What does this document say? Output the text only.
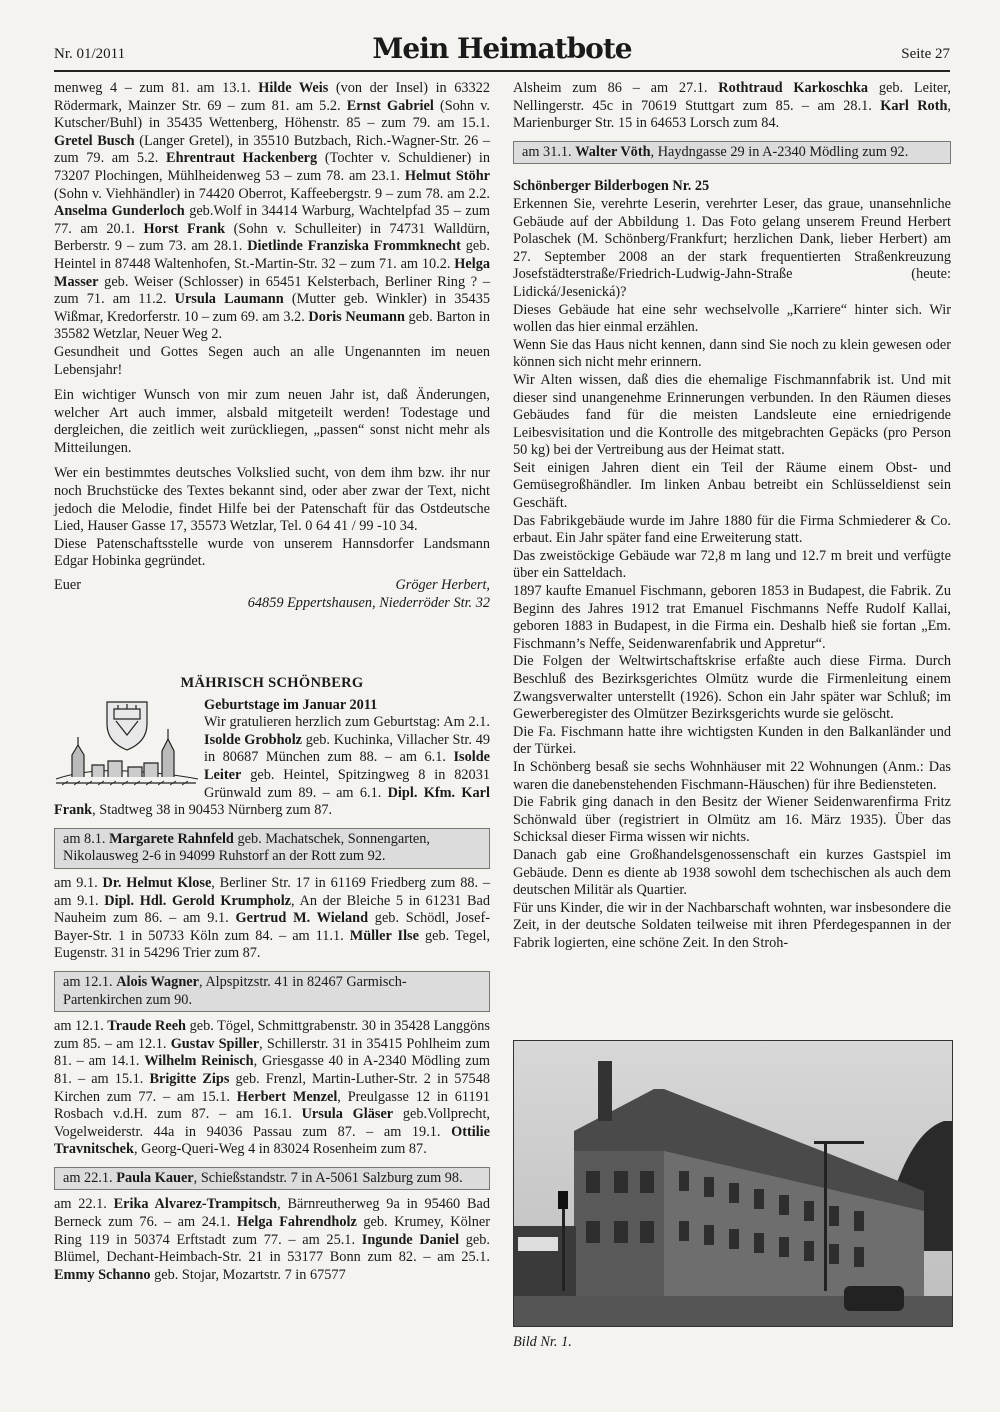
Nr. 01/2011	Mein Heimatbote	Seite 27

menweg 4 – zum 81. am 13.1. Hilde Weis (von der Insel) in 63322 Rödermark, Mainzer Str. 69 – zum 81. am 5.2. Ernst Gabriel (Sohn v. Kutscher/Buhl) in 35435 Wettenberg, Höhenstr. 85 – zum 79. am 15.1. Gretel Busch (Langer Gretel), in 35510 Butzbach, Rich.-Wagner-Str. 26 – zum 79. am 5.2. Ehrentraut Hackenberg (Tochter v. Schuldiener) in 73207 Plochingen, Mühlheidenweg 53 – zum 78. am 23.1. Helmut Stöhr (Sohn v. Viehhändler) in 74420 Oberrot, Kaffeebergstr. 9 – zum 78. am 2.2. Anselma Gunderloch geb.Wolf in 34414 Warburg, Wachtelpfad 35 – zum 77. am 20.1. Horst Frank (Sohn v. Schulleiter) in 74731 Walldürn, Berberstr. 9 – zum 73. am 28.1. Dietlinde Franziska Frommknecht geb. Heintel in 87448 Waltenhofen, St.-Martin-Str. 32 – zum 71. am 10.2. Helga Masser geb. Weiser (Schlosser) in 65451 Kelsterbach, Berliner Ring ? – zum 71. am 11.2. Ursula Laumann (Mutter geb. Winkler) in 35435 Wißmar, Kredorferstr. 10 – zum 69. am 3.2. Doris Neumann geb. Barton in 35582 Wetzlar, Neuer Weg 2.

Gesundheit und Gottes Segen auch an alle Ungenannten im neuen Lebensjahr!

Ein wichtiger Wunsch von mir zum neuen Jahr ist, daß Änderungen, welcher Art auch immer, alsbald mitgeteilt werden! Todestage und dergleichen, die zeitlich weit zurückliegen, „passen“ sonst nicht mehr als Mitteilungen.

Wer ein bestimmtes deutsches Volkslied sucht, von dem ihm bzw. ihr nur noch Bruchstücke des Textes bekannt sind, oder aber zwar der Text, nicht jedoch die Melodie, findet Hilfe bei der Patenschaft für das Ostdeutsche Lied, Hauser Gasse 17, 35573 Wetzlar, Tel. 0 64 41 / 99 -10 34.

Diese Patenschaftsstelle wurde von unserem Hannsdorfer Landsmann Edgar Hobinka gegründet.

Euer	Gröger Herbert,
64859 Eppertshausen, Niederröder Str. 32
MÄHRISCH SCHÖNBERG
Geburtstage im Januar 2011

Wir gratulieren herzlich zum Geburtstag: Am 2.1. Isolde Grobholz geb. Kuchinka, Villacher Str. 49 in 80687 München zum 88. – am 6.1. Isolde Leiter geb. Heintel, Spitzingweg 8 in 82031 Grünwald zum 89. – am 6.1. Dipl. Kfm. Karl Frank, Stadtweg 38 in 90453 Nürnberg zum 87.

am 8.1. Margarete Rahnfeld geb. Machatschek, Sonnengarten, Nikolausweg 2-6 in 94099 Ruhstorf an der Rott zum 92.

am 9.1. Dr. Helmut Klose, Berliner Str. 17 in 61169 Friedberg zum 88. – am 9.1. Dipl. Hdl. Gerold Krumpholz, An der Bleiche 5 in 61231 Bad Nauheim zum 86. – am 9.1. Gertrud M. Wieland geb. Schödl, Josef-Bayer-Str. 1 in 50733 Köln zum 84. – am 11.1. Müller Ilse geb. Tegel, Eugenstr. 31 in 54296 Trier zum 87.

am 12.1. Alois Wagner, Alpspitzstr. 41 in 82467 Garmisch-Partenkirchen zum 90.

am 12.1. Traude Reeh geb. Tögel, Schmittgrabenstr. 30 in 35428 Langgöns zum 85. – am 12.1. Gustav Spiller, Schillerstr. 31 in 35415 Pohlheim zum 81. – am 14.1. Wilhelm Reinisch, Griesgasse 40 in A-2340 Mödling zum 81. – am 15.1. Brigitte Zips geb. Frenzl, Martin-Luther-Str. 2 in 57548 Kirchen zum 77. – am 15.1. Herbert Menzel, Preulgasse 12 in 61191 Rosbach v.d.H. zum 87. – am 16.1. Ursula Gläser geb.Vollprecht, Vogelweiderstr. 44a in 94036 Passau zum 87. – am 19.1. Ottilie Travnitschek, Georg-Queri-Weg 4 in 83024 Rosenheim zum 87.

am 22.1. Paula Kauer, Schießstandstr. 7 in A-5061 Salzburg zum 98.

am 22.1. Erika Alvarez-Trampitsch, Bärnreutherweg 9a in 95460 Bad Berneck zum 76. – am 24.1. Helga Fahrendholz geb. Krumey, Kölner Ring 119 in 50374 Erftstadt zum 77. – am 25.1. Ingunde Daniel geb. Blümel, Dechant-Heimbach-Str. 21 in 53177 Bonn zum 82. – am 25.1. Emmy Schanno geb. Stojar, Mozartstr. 7 in 67577

Alsheim zum 86 – am 27.1. Rothtraud Karkoschka geb. Leiter, Nellingerstr. 45c in 70619 Stuttgart zum 85. – am 28.1. Karl Roth, Marienburger Str. 15 in 64653 Lorsch zum 84.

am 31.1. Walter Vöth, Haydngasse 29 in A-2340 Mödling zum 92.

Schönberger Bilderbogen Nr. 25

Erkennen Sie, verehrte Leserin, verehrter Leser, das graue, unansehnliche Gebäude auf der Abbildung 1. Das Foto gelang unserem Freund Herbert Polaschek (M. Schönberg/Frankfurt; herzlichen Dank, lieber Herbert) am 27. September 2008 an der stark frequentierten Straßenkreuzung Josefstädterstraße/Friedrich-Ludwig-Jahn-Straße (heute: Lidická/Jesenická)?

Dieses Gebäude hat eine sehr wechselvolle „Karriere“ hinter sich. Wir wollen das hier einmal erzählen.

Wenn Sie das Haus nicht kennen, dann sind Sie noch zu klein gewesen oder können sich nicht mehr erinnern.

Wir Alten wissen, daß dies die ehemalige Fischmannfabrik ist. Und mit dieser sind unangenehme Erinnerungen verbunden. In den Räumen dieses Gebäudes fand für die meisten Landsleute eine erniedrigende Leibesvisitation und die Kontrolle des mitgebrachten Gepäcks (pro Person 50 kg) bei der Vertreibung aus der Heimat statt.

Seit einigen Jahren dient ein Teil der Räume einem Obst- und Gemüsegroßhändler. Im linken Anbau betreibt ein Schlüsseldienst sein Geschäft.

Das Fabrikgebäude wurde im Jahre 1880 für die Firma Schmiederer & Co. erbaut. Ein Jahr später fand eine Erweiterung statt.

Das zweistöckige Gebäude war 72,8 m lang und 12.7 m breit und verfügte über ein Satteldach.

1897 kaufte Emanuel Fischmann, geboren 1853 in Budapest, die Fabrik. Zu Beginn des Jahres 1912 trat Emanuel Fischmanns Neffe Rudolf Kallai, geboren 1883 in Budapest, in die Firma ein. Deshalb hieß sie fortan „Em. Fischmann’s Neffe, Seidenwarenfabrik und Appretur“.

Die Folgen der Weltwirtschaftskrise erfaßte auch diese Firma. Durch Beschluß des Bezirksgerichtes Olmütz wurde die Firmenleitung einem Zwangsverwalter unterstellt (1926). Schon ein Jahr später war Schluß; im Gewerberegister des Olmützer Bezirksgerichts wurde sie gelöscht.

Die Fa. Fischmann hatte ihre wichtigsten Kunden in den Balkanländer und der Türkei.

In Schönberg besaß sie sechs Wohnhäuser mit 22 Wohnungen (Anm.: Das waren die danebenstehenden Fischmann-Häuschen) für ihre Bediensteten.

Die Fabrik ging danach in den Besitz der Wiener Seidenwarenfirma Fritz Schönwald über (registriert in Olmütz am 16. März 1935). Über das Schicksal dieser Firma wissen wir nichts.

Danach gab eine Großhandelsgenossenschaft ein kurzes Gastspiel im Gebäude. Denn es diente ab 1938 sowohl dem tschechischen als auch dem deutschen Militär als Quartier.

Für uns Kinder, die wir in der Nachbarschaft wohnten, war insbesondere die Zeit, in der deutsche Soldaten teilweise mit ihren Pferdegespannen in der Fabrik logierten, eine schöne Zeit. In den Stroh-

Bild Nr. 1.
